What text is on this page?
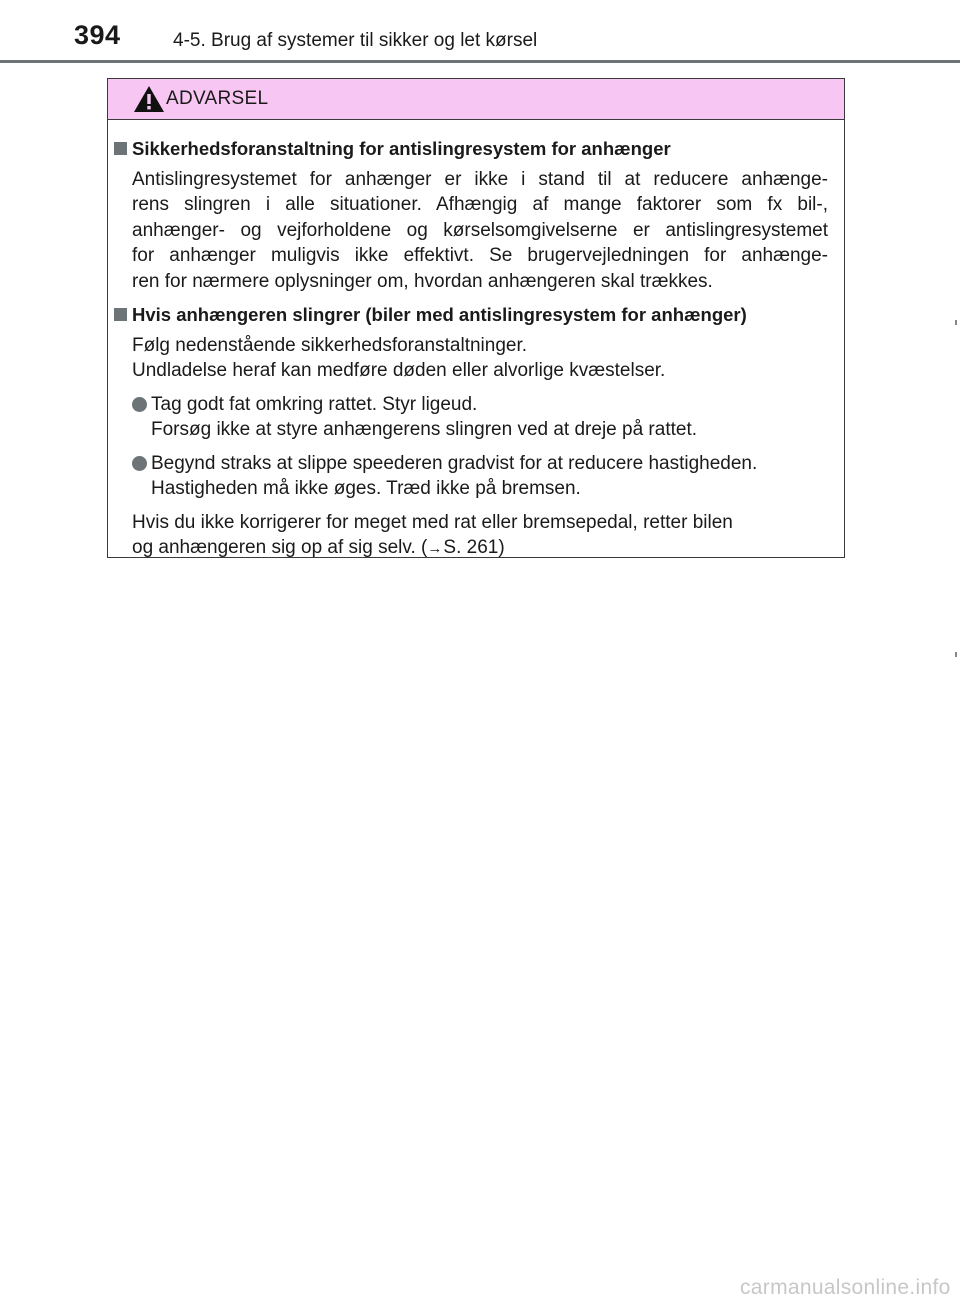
394	4-5. Brug af systemer til sikker og let kørsel
ADVARSEL
Sikkerhedsforanstaltning for antislingresystem for anhænger
Antislingresystemet for anhænger er ikke i stand til at reducere anhænge-
rens slingren i alle situationer. Afhængig af mange faktorer som fx bil-,
anhænger- og vejforholdene og kørselsomgivelserne er antislingresystemet
for anhænger muligvis ikke effektivt. Se brugervejledningen for anhænge-
ren for nærmere oplysninger om, hvordan anhængeren skal trækkes.
Hvis anhængeren slingrer (biler med antislingresystem for anhænger)
Følg nedenstående sikkerhedsforanstaltninger.
Undladelse heraf kan medføre døden eller alvorlige kvæstelser.
Tag godt fat omkring rattet. Styr ligeud.
Forsøg ikke at styre anhængerens slingren ved at dreje på rattet.
Begynd straks at slippe speederen gradvist for at reducere hastigheden.
Hastigheden må ikke øges. Træd ikke på bremsen.
Hvis du ikke korrigerer for meget med rat eller bremsepedal, retter bilen
og anhængeren sig op af sig selv. (→S. 261)
carmanualsonline.info
